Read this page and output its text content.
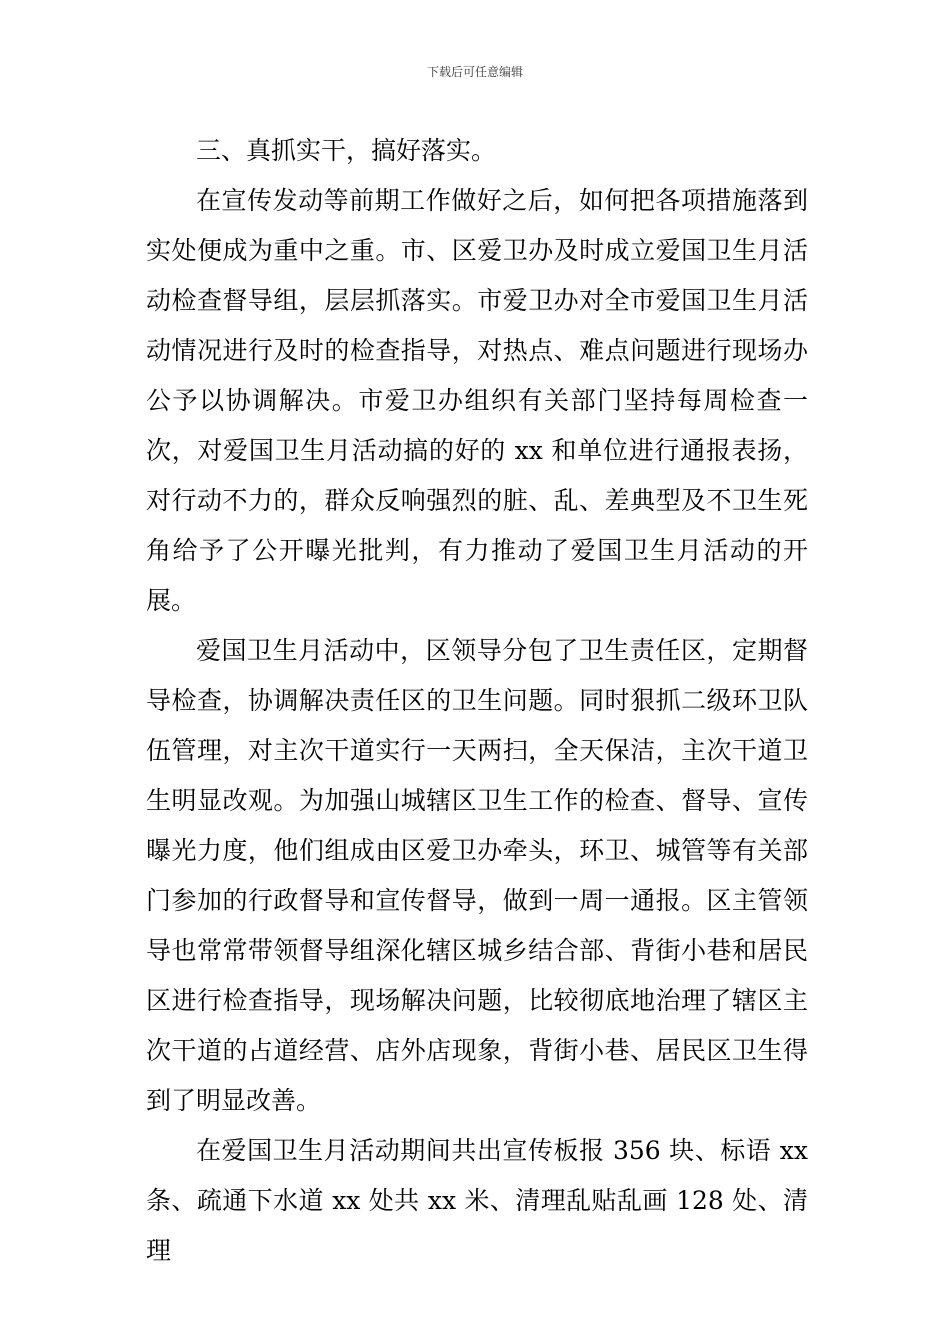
下载后可任意编辑

三、真抓实干，搞好落实。

在宣传发动等前期工作做好之后，如何把各项措施落到实处便成为重中之重。市、区爱卫办及时成立爱国卫生月活动检查督导组，层层抓落实。市爱卫办对全市爱国卫生月活动情况进行及时的检查指导，对热点、难点问题进行现场办公予以协调解决。市爱卫办组织有关部门坚持每周检查一次，对爱国卫生月活动搞的好的 xx 和单位进行通报表扬，对行动不力的，群众反响强烈的脏、乱、差典型及不卫生死角给予了公开曝光批判，有力推动了爱国卫生月活动的开展。

爱国卫生月活动中，区领导分包了卫生责任区，定期督导检查，协调解决责任区的卫生问题。同时狠抓二级环卫队伍管理，对主次干道实行一天两扫，全天保洁，主次干道卫生明显改观。为加强山城辖区卫生工作的检查、督导、宣传曝光力度，他们组成由区爱卫办牵头，环卫、城管等有关部门参加的行政督导和宣传督导，做到一周一通报。区主管领导也常常带领督导组深化辖区城乡结合部、背街小巷和居民区进行检查指导，现场解决问题，比较彻底地治理了辖区主次干道的占道经营、店外店现象，背街小巷、居民区卫生得到了明显改善。

在爱国卫生月活动期间共出宣传板报 356 块、标语 xx 条、疏通下水道 xx 处共 xx 米、清理乱贴乱画 128 处、清理
